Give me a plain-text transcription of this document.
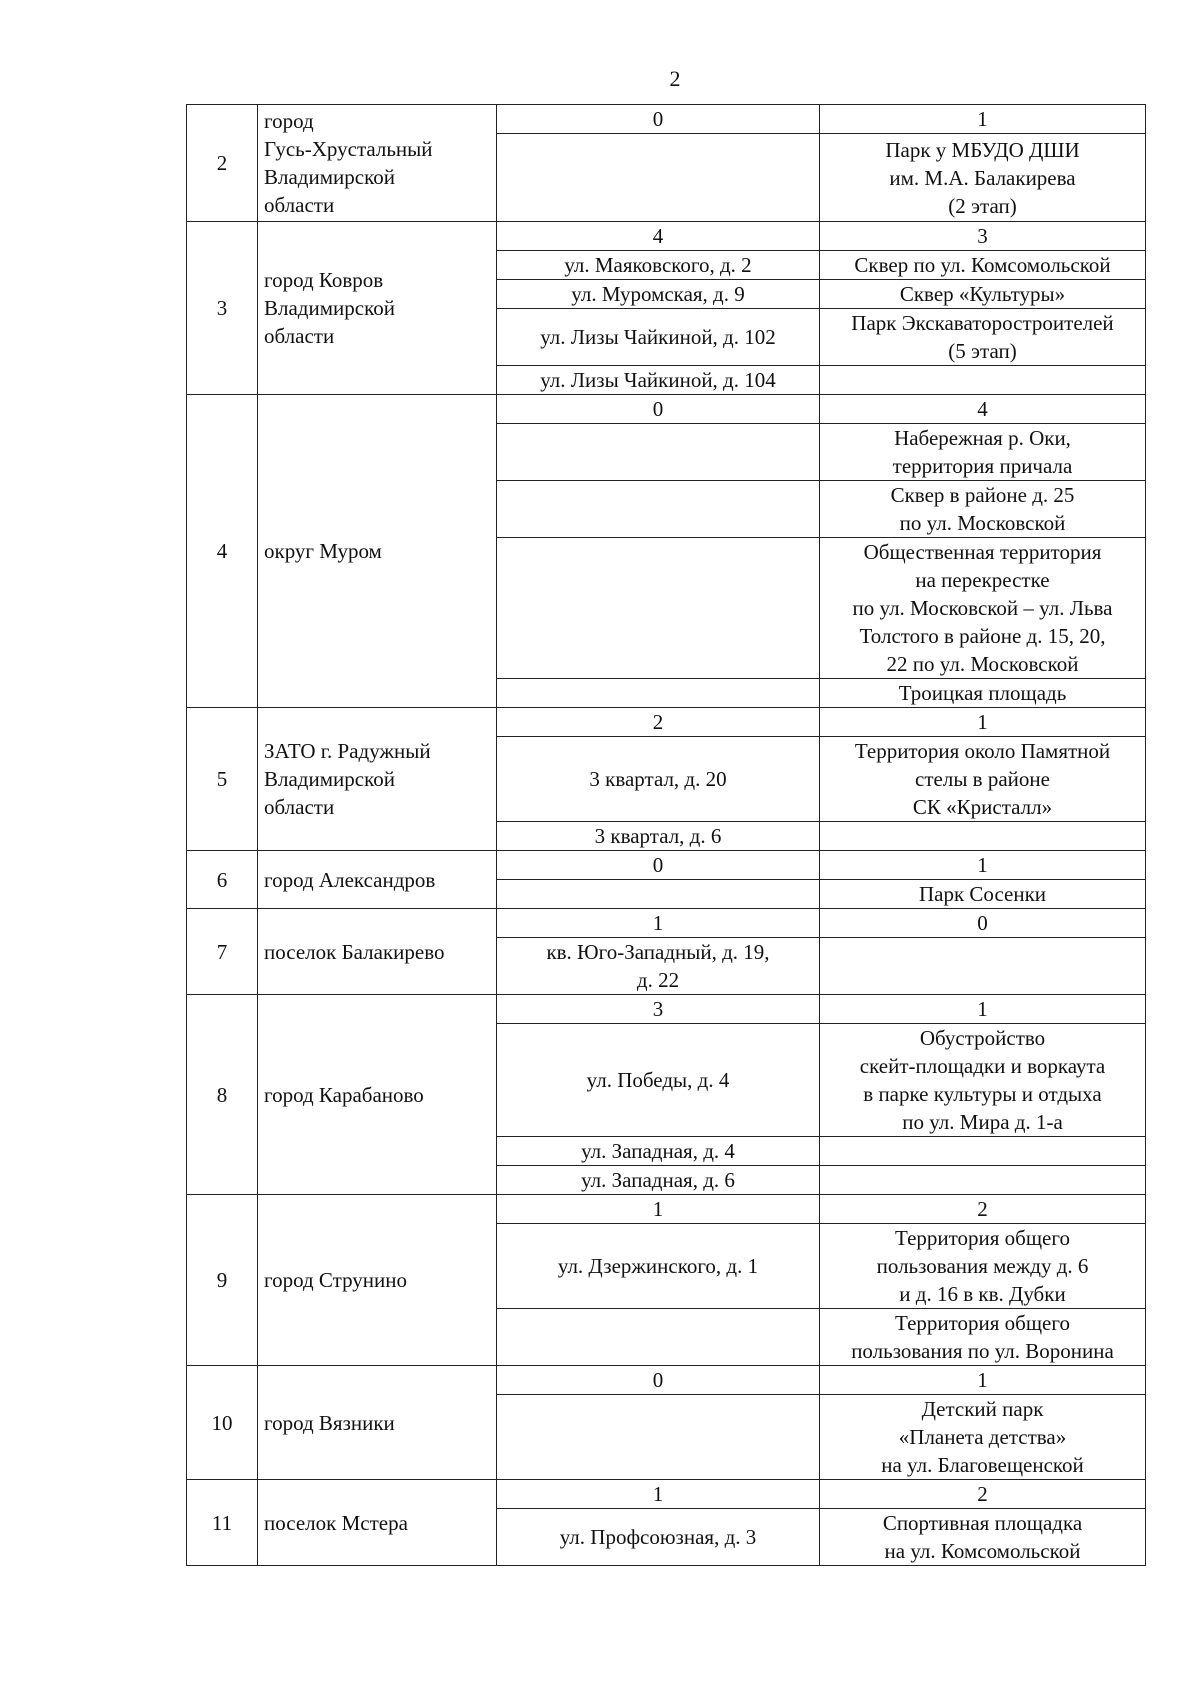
2
2	город
Гусь-Хрустальный
Владимирской
области	0	1

			Парк у МБУДО ДШИ
им. М.А. Балакирева
(2 этап)

3	город Ковров
Владимирской
области	4	3

		ул. Маяковского, д. 2	Сквер по ул. Комсомольской

		ул. Муромская, д. 9	Сквер «Культуры»

		ул. Лизы Чайкиной, д. 102	Парк Экскаваторостроителей
(5 этап)

		ул. Лизы Чайкиной, д. 104	

4	округ Муром	0	4

			Набережная р. Оки,
территория причала

			Сквер в районе д. 25
по ул. Московской

			Общественная территория
на перекрестке
по ул. Московской – ул. Льва
Толстого в районе д. 15, 20,
22 по ул. Московской

			Троицкая площадь

5	ЗАТО г. Радужный
Владимирской
области	2	1

		3 квартал, д. 20	Территория около Памятной
стелы в районе
СК «Кристалл»

		3 квартал, д. 6	

6	город Александров	0	1

			Парк Сосенки

7	поселок Балакирево	1	0

		кв. Юго-Западный, д. 19,
д. 22	

8	город Карабаново	3	1

		ул. Победы, д. 4	Обустройство
скейт-площадки и воркаута
в парке культуры и отдыха
по ул. Мира д. 1-а

		ул. Западная, д. 4	

		ул. Западная, д. 6	

9	город Струнино	1	2

		ул. Дзержинского, д. 1	Территория общего
пользования между д. 6
и д. 16 в кв. Дубки

			Территория общего
пользования по ул. Воронина

10	город Вязники	0	1

			Детский парк
«Планета детства»
на ул. Благовещенской

11	поселок Мстера	1	2

		ул. Профсоюзная, д. 3	Спортивная площадка
на ул. Комсомольской
